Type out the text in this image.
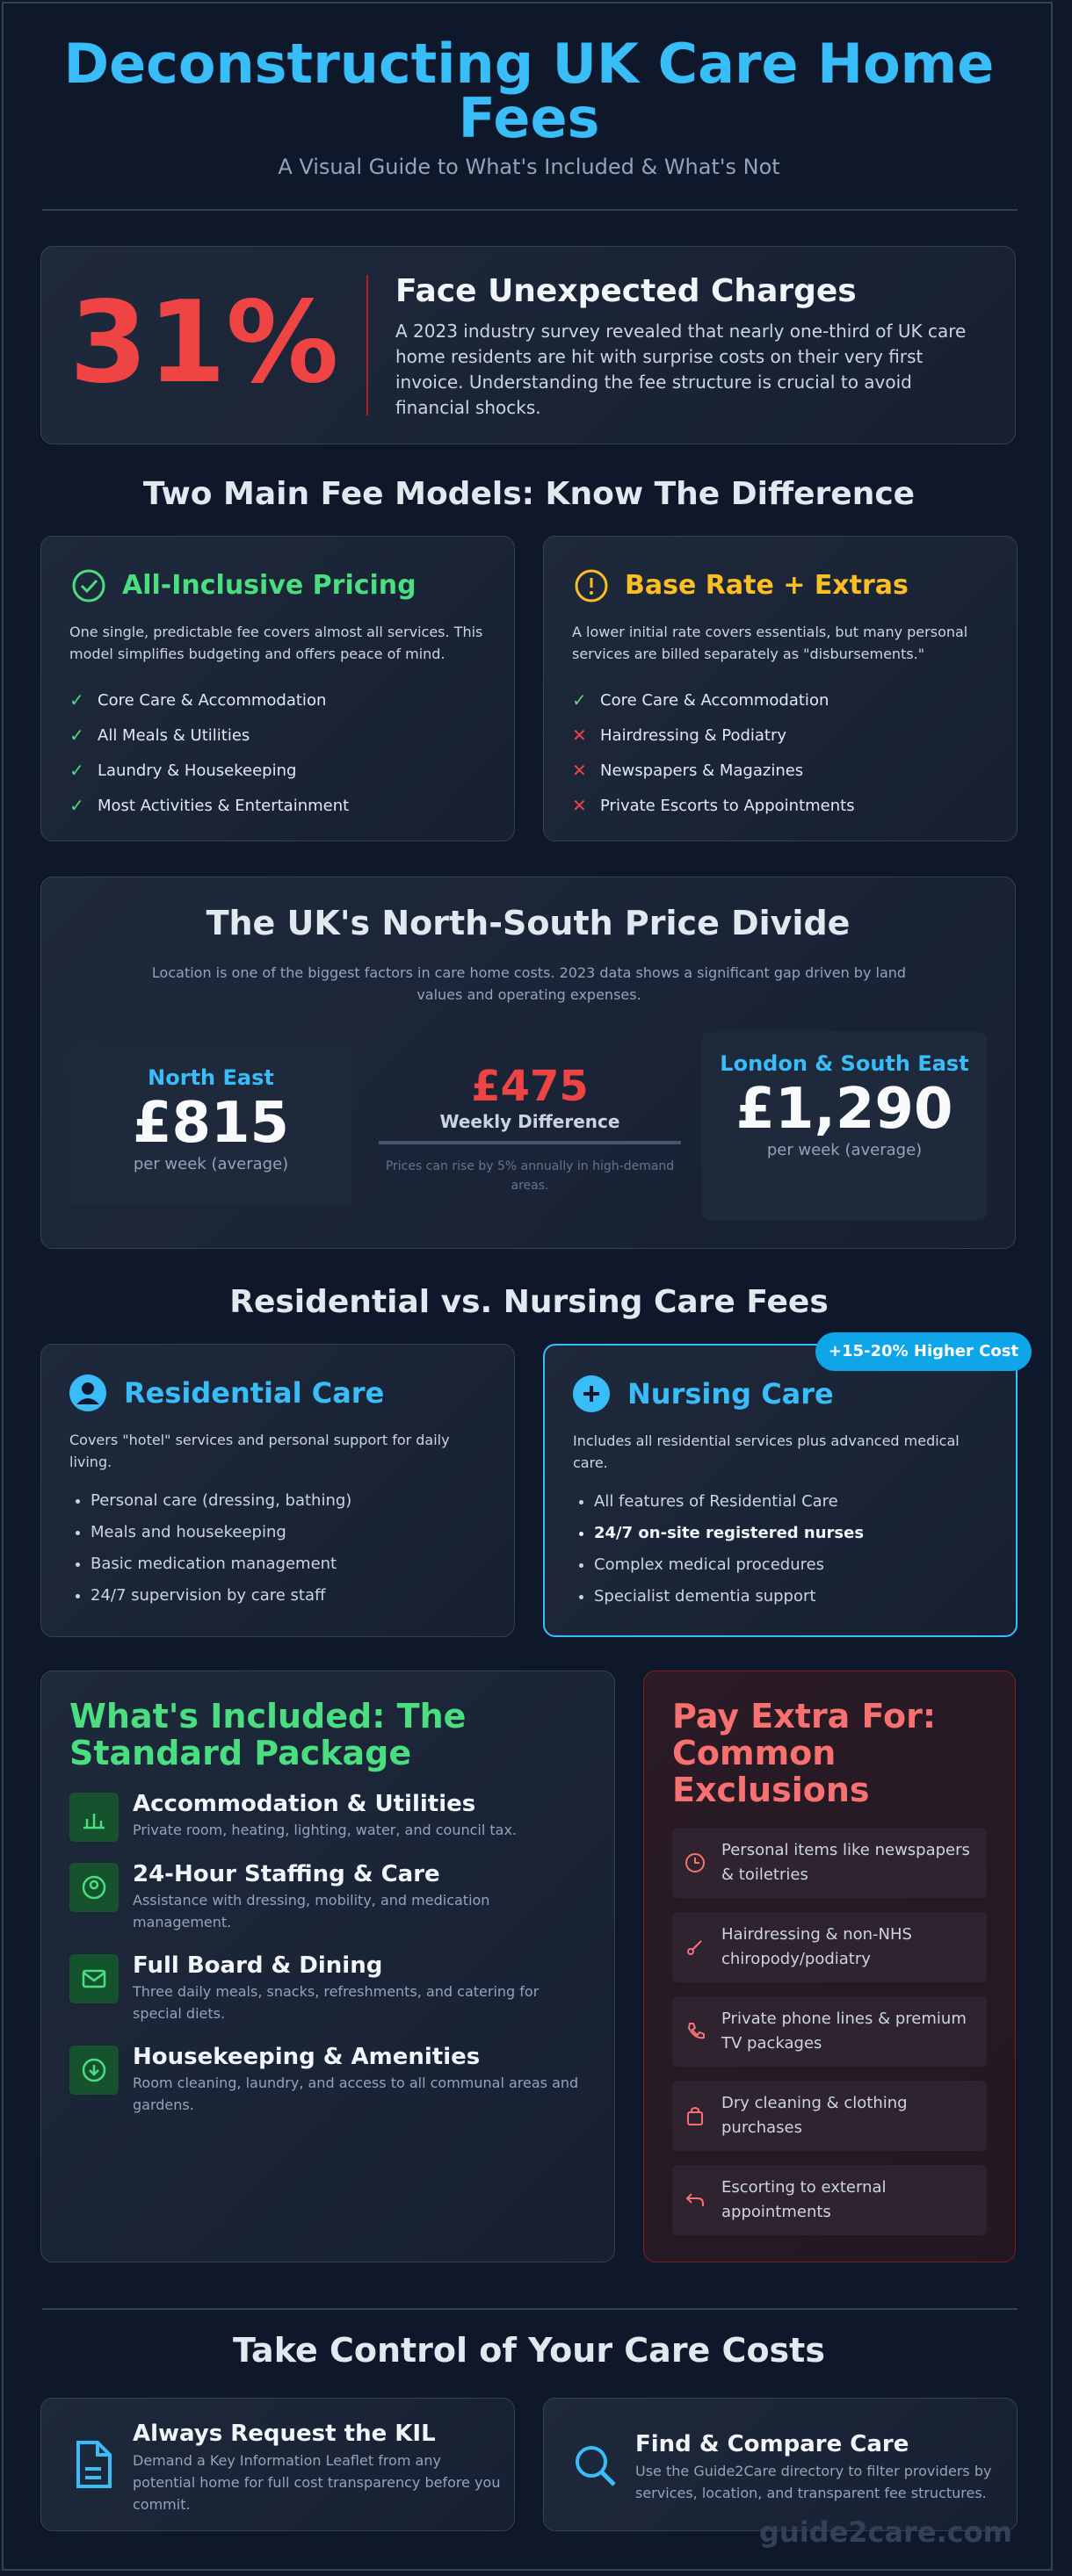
Deconstructing UK Care Home Fees
A Visual Guide to What's Included & What's Not
31% Face Unexpected Charges
A 2023 industry survey revealed that nearly one-third of UK care home residents are hit with surprise costs on their very first invoice. Understanding the fee structure is crucial to avoid financial shocks.
Two Main Fee Models: Know The Difference
All-Inclusive Pricing
One single, predictable fee covers almost all services. This model simplifies budgeting and offers peace of mind.
✓ Core Care & Accommodation
✓ All Meals & Utilities
✓ Laundry & Housekeeping
✓ Most Activities & Entertainment
Base Rate + Extras
A lower initial rate covers essentials, but many personal services are billed separately as "disbursements."
✓ Core Care & Accommodation
✕ Hairdressing & Podiatry
✕ Newspapers & Magazines
✕ Private Escorts to Appointments
The UK's North-South Price Divide
Location is one of the biggest factors in care home costs. 2023 data shows a significant gap driven by land values and operating expenses.
North East
£815
per week (average)
£475
Weekly Difference
Prices can rise by 5% annually in high-demand areas.
London & South East
£1,290
per week (average)
Residential vs. Nursing Care Fees
Residential Care
Covers "hotel" services and personal support for daily living.
• Personal care (dressing, bathing)
• Meals and housekeeping
• Basic medication management
• 24/7 supervision by care staff
Nursing Care
Includes all residential services plus advanced medical care.
• All features of Residential Care
• 24/7 on-site registered nurses
• Complex medical procedures
• Specialist dementia support
+15-20% Higher Cost
What's Included: The Standard Package
Accommodation & Utilities
Private room, heating, lighting, water, and council tax.
24-Hour Staffing & Care
Assistance with dressing, mobility, and medication management.
Full Board & Dining
Three daily meals, snacks, refreshments, and catering for special diets.
Housekeeping & Amenities
Room cleaning, laundry, and access to all communal areas and gardens.
Pay Extra For: Common Exclusions
Personal items like newspapers & toiletries
Hairdressing & non-NHS chiropody/podiatry
Private phone lines & premium TV packages
Dry cleaning & clothing purchases
Escorting to external appointments
Take Control of Your Care Costs
Always Request the KIL
Demand a Key Information Leaflet from any potential home for full cost transparency before you commit.
Find & Compare Care
Use the Guide2Care directory to filter providers by services, location, and transparent fee structures.
guide2care.com
